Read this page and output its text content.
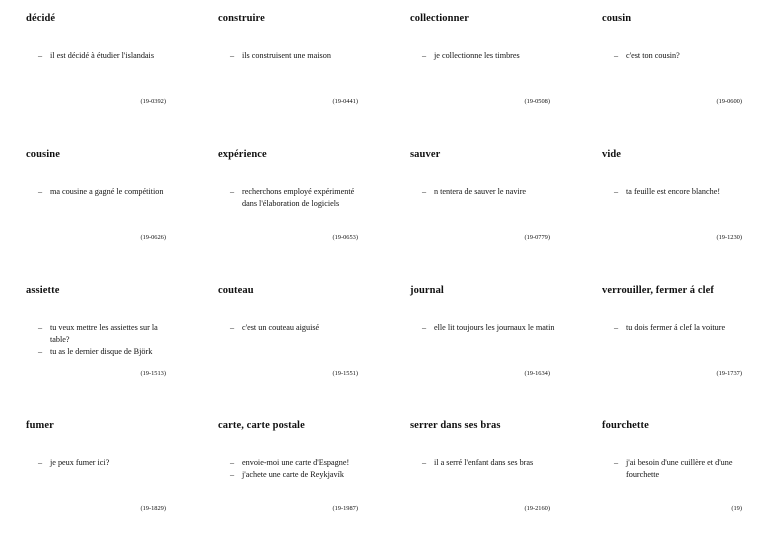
décidé
– il est décidé à étudier l'islandais
(19-0392)
construire
– ils construisent une maison
(19-0441)
collectionner
– je collectionne les timbres
(19-0508)
cousin
– c'est ton cousin?
(19-0600)
cousine
– ma cousine a gagné le compétition
(19-0626)
expérience
– recherchons employé expérimenté dans l'élaboration de logiciels
(19-0653)
sauver
– n tentera de sauver le navire
(19-0779)
vide
– ta feuille est encore blanche!
(19-1230)
assiette
– tu veux mettre les assiettes sur la table?
– tu as le dernier disque de Björk
(19-1513)
couteau
– c'est un couteau aiguisé
(19-1551)
journal
– elle lit toujours les journaux le matin
(19-1634)
verrouiller, fermer á clef
– tu dois fermer á clef la voiture
(19-1737)
fumer
– je peux fumer ici?
(19-1829)
carte, carte postale
– envoie-moi une carte d'Espagne!
– j'achete une carte de Reykjavík
(19-1987)
serrer dans ses bras
– il a serré l'enfant dans ses bras
(19-2160)
fourchette
– j'ai besoin d'une cuillère et d'une fourchette
(19)
